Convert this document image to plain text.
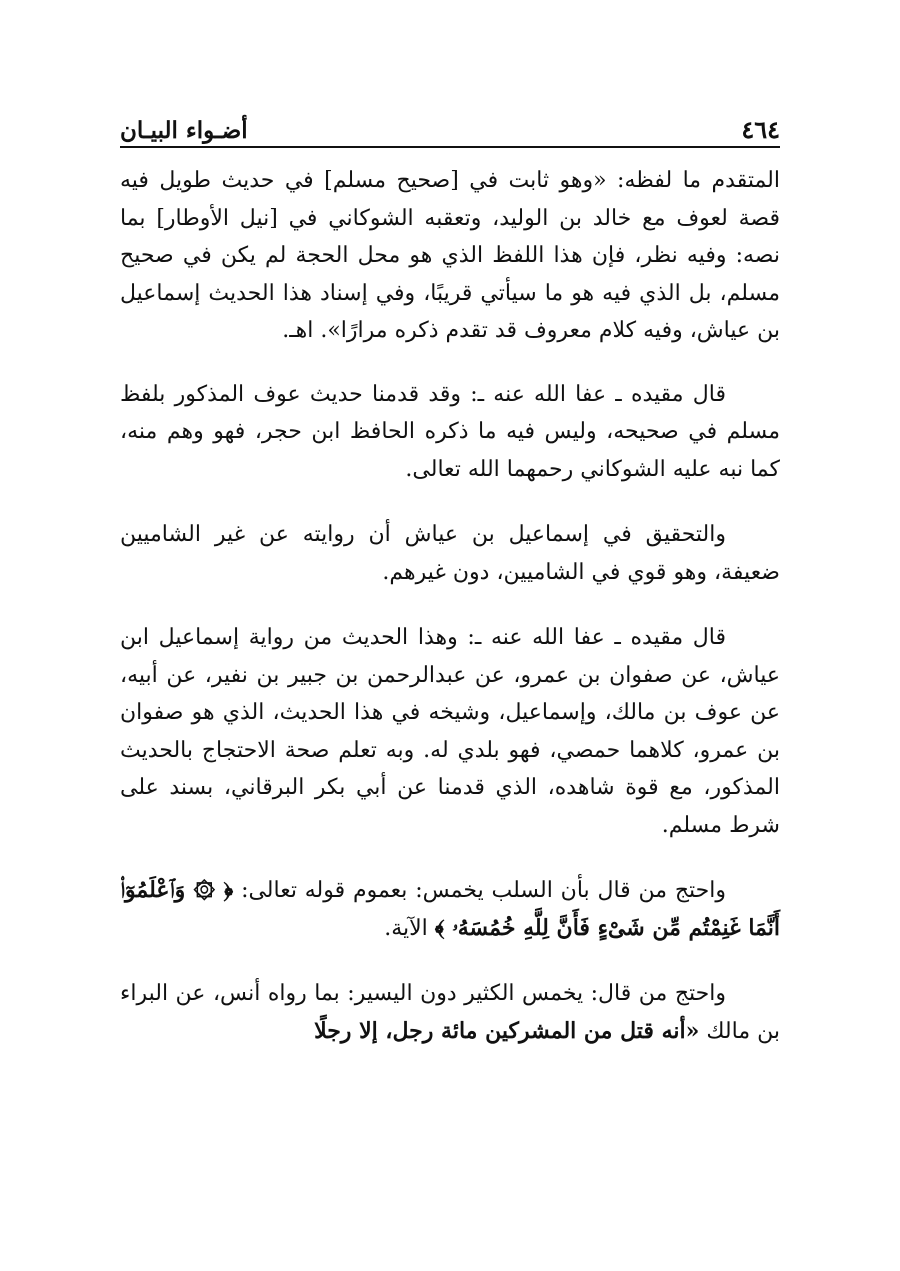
٤٦٤
أضـواء البيـان

المتقدم ما لفظه: «وهو ثابت في [صحيح مسلم] في حديث طويل فيه قصة لعوف مع خالد بن الوليد، وتعقبه الشوكاني في [نيل الأوطار] بما نصه: وفيه نظر، فإن هذا اللفظ الذي هو محل الحجة لم يكن في صحيح مسلم، بل الذي فيه هو ما سيأتي قريبًا، وفي إسناد هذا الحديث إسماعيل بن عياش، وفيه كلام معروف قد تقدم ذكره مرارًا». اهـ.

قال مقيده ـ عفا الله عنه ـ: وقد قدمنا حديث عوف المذكور بلفظ مسلم في صحيحه، وليس فيه ما ذكره الحافظ ابن حجر، فهو وهم منه، كما نبه عليه الشوكاني رحمهما الله تعالى.

والتحقيق في إسماعيل بن عياش أن روايته عن غير الشاميين ضعيفة، وهو قوي في الشاميين، دون غيرهم.

قال مقيده ـ عفا الله عنه ـ: وهذا الحديث من رواية إسماعيل ابن عياش، عن صفوان بن عمرو، عن عبدالرحمن بن جبير بن نفير، عن أبيه، عن عوف بن مالك، وإسماعيل، وشيخه في هذا الحديث، الذي هو صفوان بن عمرو، كلاهما حمصي، فهو بلدي له. وبه تعلم صحة الاحتجاج بالحديث المذكور، مع قوة شاهده، الذي قدمنا عن أبي بكر البرقاني، بسند على شرط مسلم.

واحتج من قال بأن السلب يخمس: بعموم قوله تعالى: ﴿ ۞ وَٱعْلَمُوٓا۟ أَنَّمَا غَنِمْتُم مِّن شَىْءٍ فَأَنَّ لِلَّهِ خُمُسَهُۥ ﴾ الآية.

واحتج من قال: يخمس الكثير دون اليسير: بما رواه أنس، عن البراء بن مالك «أنه قتل من المشركين مائة رجل، إلا رجلًا
